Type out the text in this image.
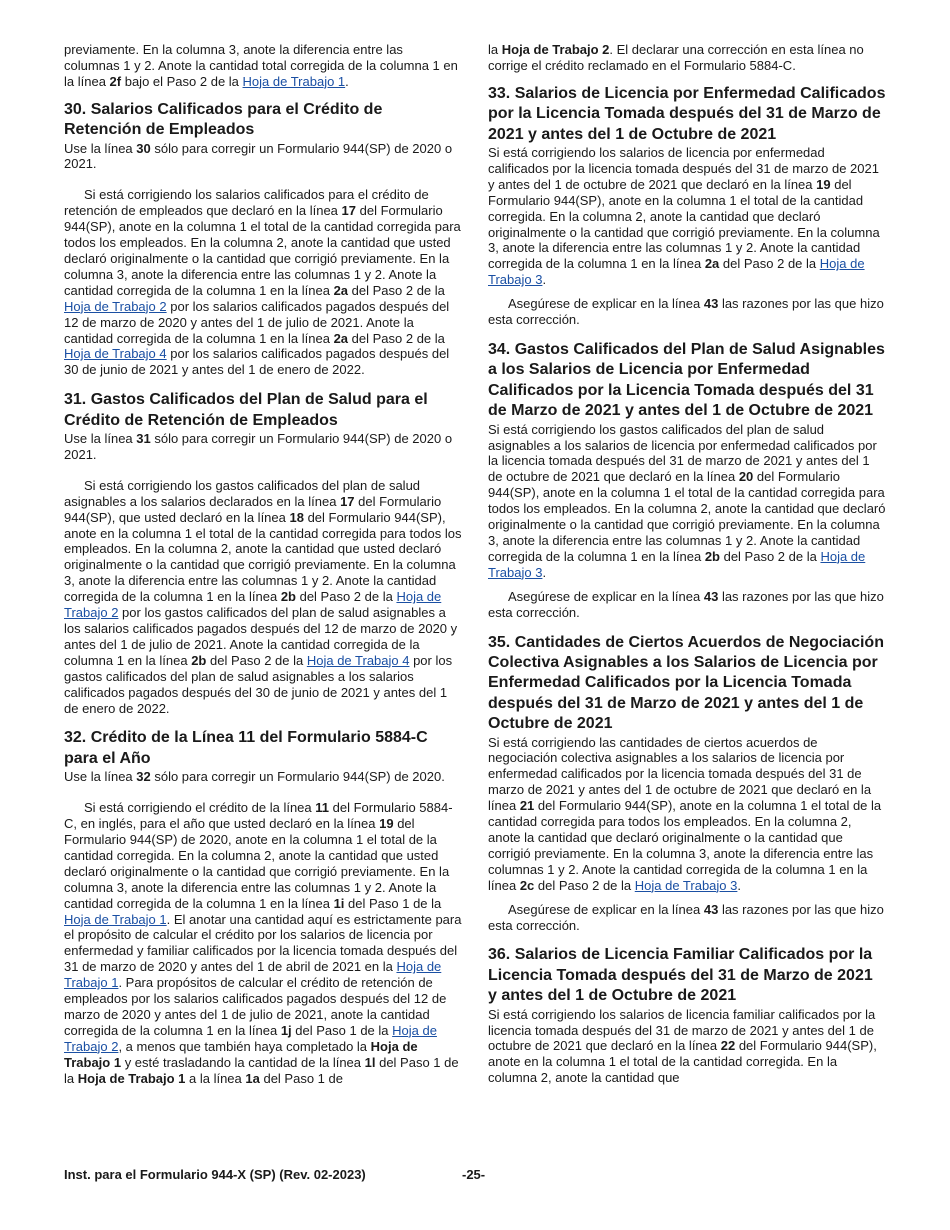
previamente. En la columna 3, anote la diferencia entre las columnas 1 y 2. Anote la cantidad total corregida de la columna 1 en la línea 2f bajo el Paso 2 de la Hoja de Trabajo 1.

30. Salarios Calificados para el Crédito de Retención de Empleados

Use la línea 30 sólo para corregir un Formulario 944(SP) de 2020 o 2021.

Si está corrigiendo los salarios calificados para el crédito de retención de empleados que declaró en la línea 17 del Formulario 944(SP), anote en la columna 1 el total de la cantidad corregida para todos los empleados. En la columna 2, anote la cantidad que usted declaró originalmente o la cantidad que corrigió previamente. En la columna 3, anote la diferencia entre las columnas 1 y 2. Anote la cantidad corregida de la columna 1 en la línea 2a del Paso 2 de la Hoja de Trabajo 2 por los salarios calificados pagados después del 12 de marzo de 2020 y antes del 1 de julio de 2021. Anote la cantidad corregida de la columna 1 en la línea 2a del Paso 2 de la Hoja de Trabajo 4 por los salarios calificados pagados después del 30 de junio de 2021 y antes del 1 de enero de 2022.

31. Gastos Calificados del Plan de Salud para el Crédito de Retención de Empleados

Use la línea 31 sólo para corregir un Formulario 944(SP) de 2020 o 2021.

Si está corrigiendo los gastos calificados del plan de salud asignables a los salarios declarados en la línea 17 del Formulario 944(SP), que usted declaró en la línea 18 del Formulario 944(SP), anote en la columna 1 el total de la cantidad corregida para todos los empleados. En la columna 2, anote la cantidad que usted declaró originalmente o la cantidad que corrigió previamente. En la columna 3, anote la diferencia entre las columnas 1 y 2. Anote la cantidad corregida de la columna 1 en la línea 2b del Paso 2 de la Hoja de Trabajo 2 por los gastos calificados del plan de salud asignables a los salarios calificados pagados después del 12 de marzo de 2020 y antes del 1 de julio de 2021. Anote la cantidad corregida de la columna 1 en la línea 2b del Paso 2 de la Hoja de Trabajo 4 por los gastos calificados del plan de salud asignables a los salarios calificados pagados después del 30 de junio de 2021 y antes del 1 de enero de 2022.

32. Crédito de la Línea 11 del Formulario 5884-C para el Año

Use la línea 32 sólo para corregir un Formulario 944(SP) de 2020.

Si está corrigiendo el crédito de la línea 11 del Formulario 5884-C, en inglés, para el año que usted declaró en la línea 19 del Formulario 944(SP) de 2020, anote en la columna 1 el total de la cantidad corregida. En la columna 2, anote la cantidad que usted declaró originalmente o la cantidad que corrigió previamente. En la columna 3, anote la diferencia entre las columnas 1 y 2. Anote la cantidad corregida de la columna 1 en la línea 1i del Paso 1 de la Hoja de Trabajo 1. El anotar una cantidad aquí es estrictamente para el propósito de calcular el crédito por los salarios de licencia por enfermedad y familiar calificados por la licencia tomada después del 31 de marzo de 2020 y antes del 1 de abril de 2021 en la Hoja de Trabajo 1. Para propósitos de calcular el crédito de retención de empleados por los salarios calificados pagados después del 12 de marzo de 2020 y antes del 1 de julio de 2021, anote la cantidad corregida de la columna 1 en la línea 1j del Paso 1 de la Hoja de Trabajo 2, a menos que también haya completado la Hoja de Trabajo 1 y esté trasladando la cantidad de la línea 1l del Paso 1 de la Hoja de Trabajo 1 a la línea 1a del Paso 1 de

la Hoja de Trabajo 2. El declarar una corrección en esta línea no corrige el crédito reclamado en el Formulario 5884-C.

33. Salarios de Licencia por Enfermedad Calificados por la Licencia Tomada después del 31 de Marzo de 2021 y antes del 1 de Octubre de 2021

Si está corrigiendo los salarios de licencia por enfermedad calificados por la licencia tomada después del 31 de marzo de 2021 y antes del 1 de octubre de 2021 que declaró en la línea 19 del Formulario 944(SP), anote en la columna 1 el total de la cantidad corregida. En la columna 2, anote la cantidad que declaró originalmente o la cantidad que corrigió previamente. En la columna 3, anote la diferencia entre las columnas 1 y 2. Anote la cantidad corregida de la columna 1 en la línea 2a del Paso 2 de la Hoja de Trabajo 3.

Asegúrese de explicar en la línea 43 las razones por las que hizo esta corrección.

34. Gastos Calificados del Plan de Salud Asignables a los Salarios de Licencia por Enfermedad Calificados por la Licencia Tomada después del 31 de Marzo de 2021 y antes del 1 de Octubre de 2021

Si está corrigiendo los gastos calificados del plan de salud asignables a los salarios de licencia por enfermedad calificados por la licencia tomada después del 31 de marzo de 2021 y antes del 1 de octubre de 2021 que declaró en la línea 20 del Formulario 944(SP), anote en la columna 1 el total de la cantidad corregida para todos los empleados. En la columna 2, anote la cantidad que declaró originalmente o la cantidad que corrigió previamente. En la columna 3, anote la diferencia entre las columnas 1 y 2. Anote la cantidad corregida de la columna 1 en la línea 2b del Paso 2 de la Hoja de Trabajo 3.

Asegúrese de explicar en la línea 43 las razones por las que hizo esta corrección.

35. Cantidades de Ciertos Acuerdos de Negociación Colectiva Asignables a los Salarios de Licencia por Enfermedad Calificados por la Licencia Tomada después del 31 de Marzo de 2021 y antes del 1 de Octubre de 2021

Si está corrigiendo las cantidades de ciertos acuerdos de negociación colectiva asignables a los salarios de licencia por enfermedad calificados por la licencia tomada después del 31 de marzo de 2021 y antes del 1 de octubre de 2021 que declaró en la línea 21 del Formulario 944(SP), anote en la columna 1 el total de la cantidad corregida para todos los empleados. En la columna 2, anote la cantidad que declaró originalmente o la cantidad que corrigió previamente. En la columna 3, anote la diferencia entre las columnas 1 y 2. Anote la cantidad corregida de la columna 1 en la línea 2c del Paso 2 de la Hoja de Trabajo 3.

Asegúrese de explicar en la línea 43 las razones por las que hizo esta corrección.

36. Salarios de Licencia Familiar Calificados por la Licencia Tomada después del 31 de Marzo de 2021 y antes del 1 de Octubre de 2021

Si está corrigiendo los salarios de licencia familiar calificados por la licencia tomada después del 31 de marzo de 2021 y antes del 1 de octubre de 2021 que declaró en la línea 22 del Formulario 944(SP), anote en la columna 1 el total de la cantidad corregida. En la columna 2, anote la cantidad que

Inst. para el Formulario 944-X (SP) (Rev. 02-2023)	-25-
